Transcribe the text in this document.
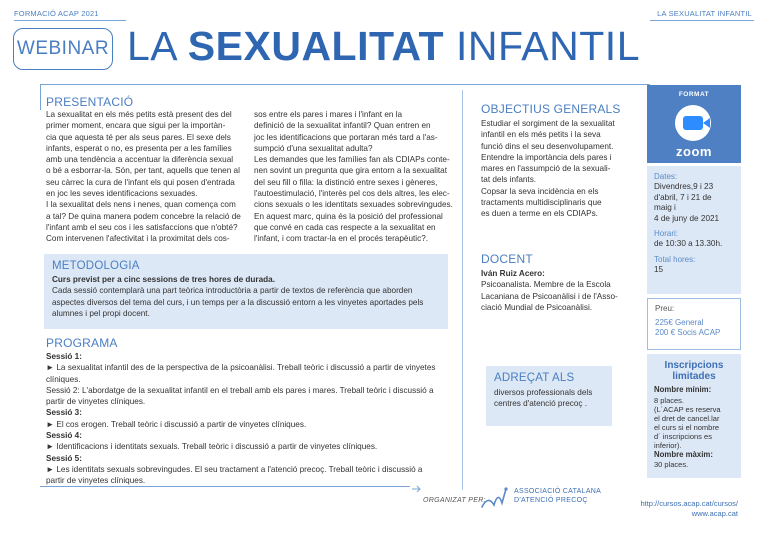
FORMACIÓ ACAP 2021	LA SEXUALITAT INFANTIL
WEBINAR LA SEXUALITAT INFANTIL
PRESENTACIÓ
La sexualitat en els més petits està present des del
primer moment, encara que sigui per la importàn-
cia que aquesta té per als seus pares. El sexe dels
infants, esperat o no, es presenta per a les famílies
amb una tendència a accentuar la diferència sexual
o bé a esborrar-la. Són, per tant, aquells que tenen al
seu càrrec la cura de l'infant els qui posen d'entrada
en joc les seves identificacions sexuades.
I la sexualitat dels nens i nenes, quan comença com
a tal? De quina manera podem concebre la relació de
l'infant amb el seu cos i les satisfaccions que n'obté?
Com intervenen l'afectivitat i la proximitat dels cos-
sos entre els pares i mares i l'infant en la
definició de la sexualitat infantil? Quan entren en
joc les identificacions que portaran més tard a l'as-
sumpció d'una sexualitat adulta?
Les demandes que les famílies fan als CDIAPs conte-
nen sovint un pregunta que gira entorn a la sexualitat
del seu fill o filla: la distinció entre sexes i gèneres,
l'autoestimulació, l'interès pel cos dels altres, les elec-
cions sexuals o les identitats sexuades sobrevingudes.
En aquest marc, quina és la posició del professional
que convé en cada cas respecte a la sexualitat en
l'infant, i com tractar-la en el procés terapèutic?.
METODOLOGIA
Curs previst per a cinc sessions de tres hores de durada.
Cada sessió contemplarà una part teòrica introductòria a partir de textos de referència que aborden
aspectes diversos del tema del curs, i un temps per a la discussió entorn a les vinyetes aportades pels
alumnes i pel propi docent.
PROGRAMA
Sessió 1:
► La sexualitat infantil des de la perspectiva de la psicoanàlisi. Treball teòric i discussió a partir de vinyetes
clíniques.
Sessió 2: L'abordatge de la sexualitat infantil en el treball amb els pares i mares. Treball teòric i discussió a
partir de vinyetes clíniques.
Sessió 3:
► El cos erogen. Treball teòric i discussió a partir de vinyetes clíniques.
Sessió 4:
► Identificacions i identitats sexuals. Treball teòric i discussió a partir de vinyetes clíniques.
Sessió 5:
► Les identitats sexuals sobrevingudes. El seu tractament a l'atenció precoç. Treball teòric i discussió a
partir de vinyetes clíniques.
OBJECTIUS GENERALS
Estudiar el sorgiment de la sexualitat
infantil en els més petits i la seva
funció dins el seu desenvolupament.
Entendre la importància dels pares i
mares en l'assumpció de la sexuali-
tat dels infants.
Copsar la seva incidència en els
tractaments multidisciplinaris que
es duen a terme en els CDIAPs.
DOCENT
Iván Ruiz Acero:
Psicoanalista. Membre de la Escola
Lacaniana de Psicoanàlisi i de l'Asso-
ciació Mundial de Psicoanàlisi.
ADREÇAT ALS
diversos professionals dels
centres d'atenció precoç .
FORMAT
zoom
Dates:
Divendres,9 i 23
d'abril, 7 i 21 de
maig i
4 de juny de 2021
Horari:
de 10:30 a 13.30h.
Total hores:
15
Preu:
225€ General
200 € Socis ACAP
Inscripcions
limitades
Nombre mínim:
8 places.
(L´ACAP es reserva
el dret de cancel.lar
el curs si el nombre
d´ inscripcions es
inferior).
Nombre màxim:
30 places.
ORGANIZAT PER:
ASSOCIACIÓ CATALANA
D'ATENCIÓ PRECOÇ	http://cursos.acap.cat/cursos/
www.acap.cat
